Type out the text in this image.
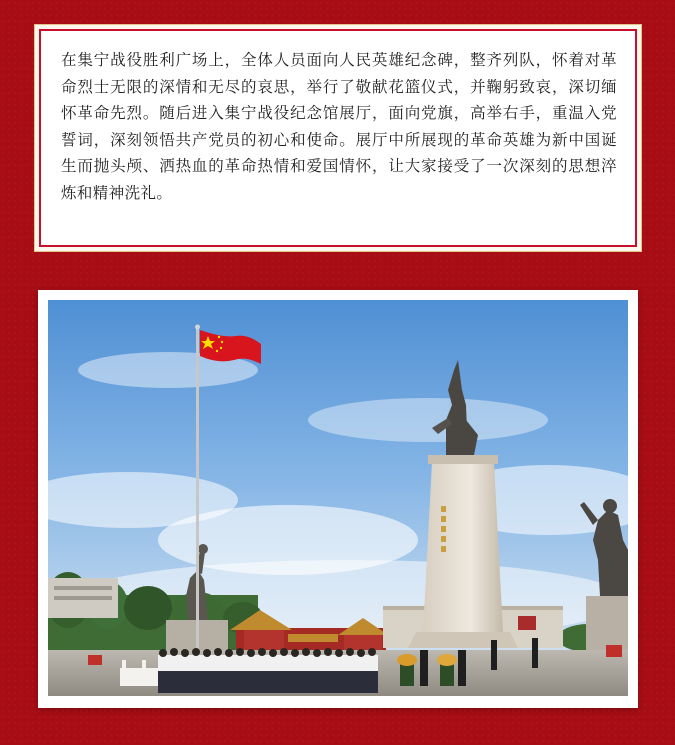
在集宁战役胜利广场上，全体人员面向人民英雄纪念碑，整齐列队，怀着对革命烈士无限的深情和无尽的哀思，举行了敬献花篮仪式，并鞠躬致哀，深切缅怀革命先烈。随后进入集宁战役纪念馆展厅，面向党旗，高举右手，重温入党誓词，深刻领悟共产党员的初心和使命。展厅中所展现的革命英雄为新中国诞生而抛头颅、洒热血的革命热情和爱国情怀，让大家接受了一次深刻的思想淬炼和精神洗礼。
